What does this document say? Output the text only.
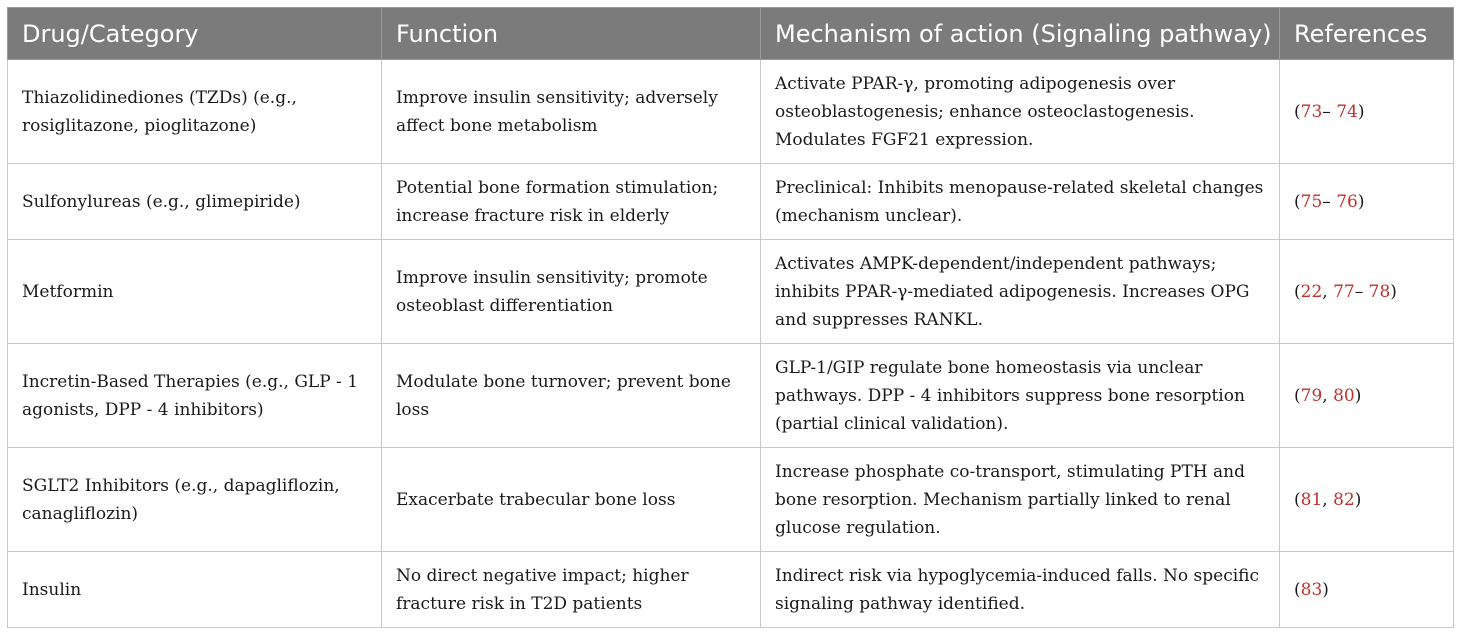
Drug/Category	Function	Mechanism of action (Signaling pathway)	References
Thiazolidinediones (TZDs) (e.g., rosiglitazone, pioglitazone)	Improve insulin sensitivity; adversely affect bone metabolism	Activate PPAR-γ, promoting adipogenesis over osteoblastogenesis; enhance osteoclastogenesis. Modulates FGF21 expression.	(73– 74)
Sulfonylureas (e.g., glimepiride)	Potential bone formation stimulation; increase fracture risk in elderly	Preclinical: Inhibits menopause-related skeletal changes (mechanism unclear).	(75– 76)
Metformin	Improve insulin sensitivity; promote osteoblast differentiation	Activates AMPK-dependent/independent pathways; inhibits PPAR-γ-mediated adipogenesis. Increases OPG and suppresses RANKL.	(22, 77– 78)
Incretin-Based Therapies (e.g., GLP - 1 agonists, DPP - 4 inhibitors)	Modulate bone turnover; prevent bone loss	GLP-1/GIP regulate bone homeostasis via unclear pathways. DPP - 4 inhibitors suppress bone resorption (partial clinical validation).	(79, 80)
SGLT2 Inhibitors (e.g., dapagliflozin, canagliflozin)	Exacerbate trabecular bone loss	Increase phosphate co-transport, stimulating PTH and bone resorption. Mechanism partially linked to renal glucose regulation.	(81, 82)
Insulin	No direct negative impact; higher fracture risk in T2D patients	Indirect risk via hypoglycemia-induced falls. No specific signaling pathway identified.	(83)
